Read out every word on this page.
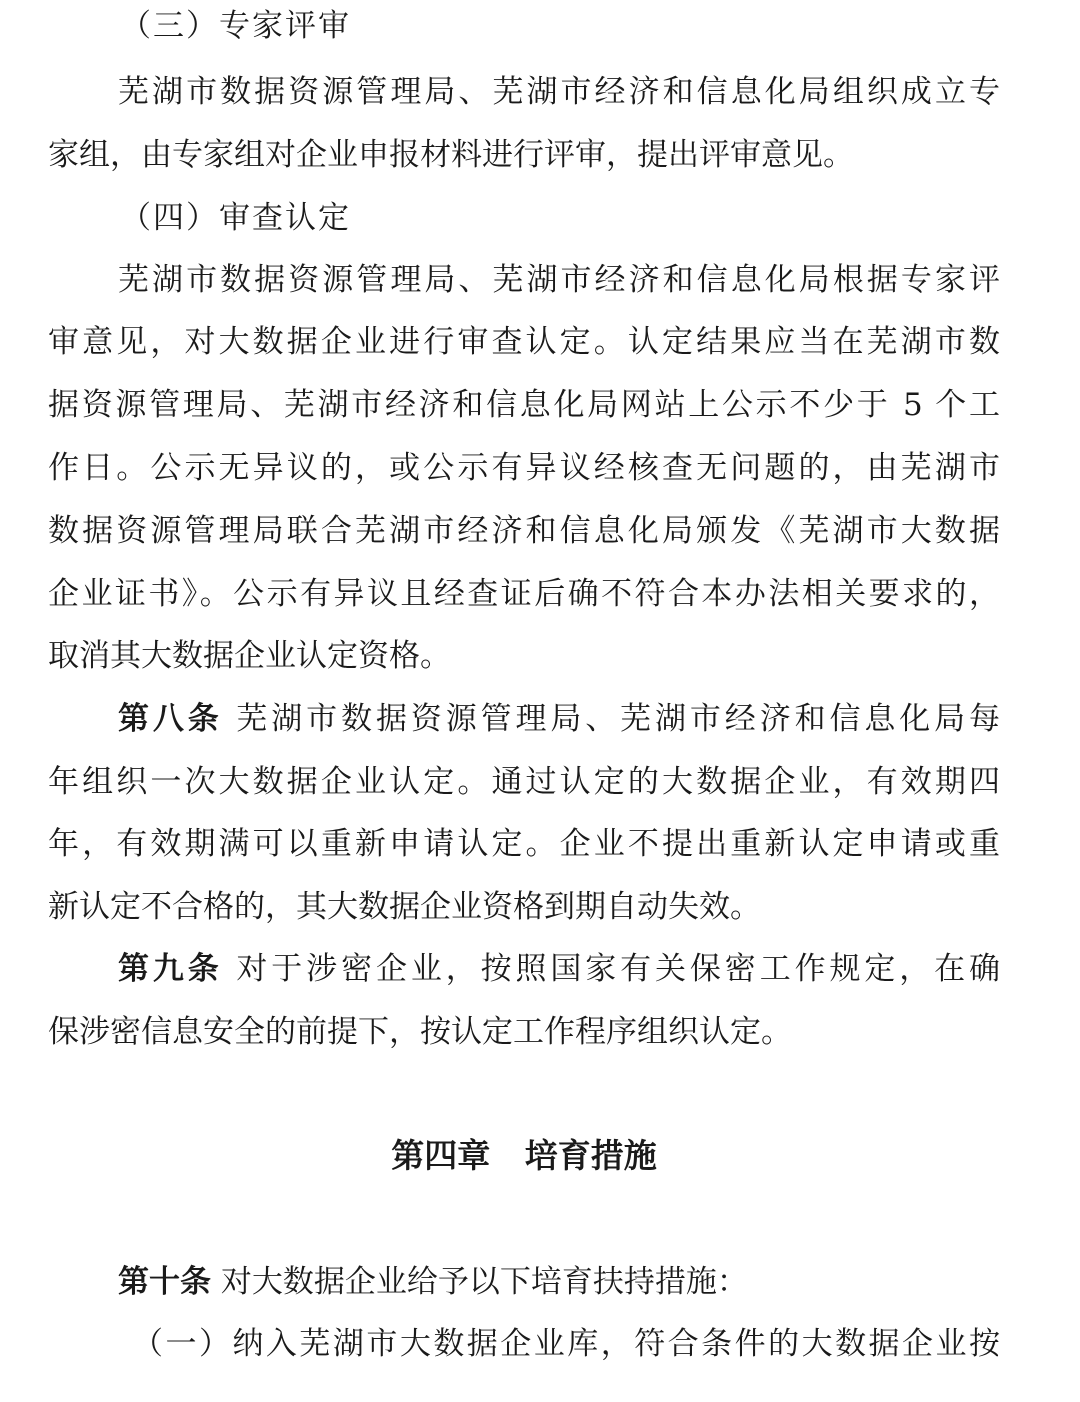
（三）专家评审
芜湖市数据资源管理局、芜湖市经济和信息化局组织成立专
家组，由专家组对企业申报材料进行评审，提出评审意见。
（四）审查认定
芜湖市数据资源管理局、芜湖市经济和信息化局根据专家评
审意见，对大数据企业进行审查认定。认定结果应当在芜湖市数
据资源管理局、芜湖市经济和信息化局网站上公示不少于 5 个工
作日。公示无异议的，或公示有异议经核查无问题的，由芜湖市
数据资源管理局联合芜湖市经济和信息化局颁发《芜湖市大数据
企业证书》。公示有异议且经查证后确不符合本办法相关要求的，
取消其大数据企业认定资格。
第八条 芜湖市数据资源管理局、芜湖市经济和信息化局每
年组织一次大数据企业认定。通过认定的大数据企业，有效期四
年，有效期满可以重新申请认定。企业不提出重新认定申请或重
新认定不合格的，其大数据企业资格到期自动失效。
第九条 对于涉密企业，按照国家有关保密工作规定，在确
保涉密信息安全的前提下，按认定工作程序组织认定。
第四章   培育措施
第十条 对大数据企业给予以下培育扶持措施：
（一）纳入芜湖市大数据企业库，符合条件的大数据企业按
